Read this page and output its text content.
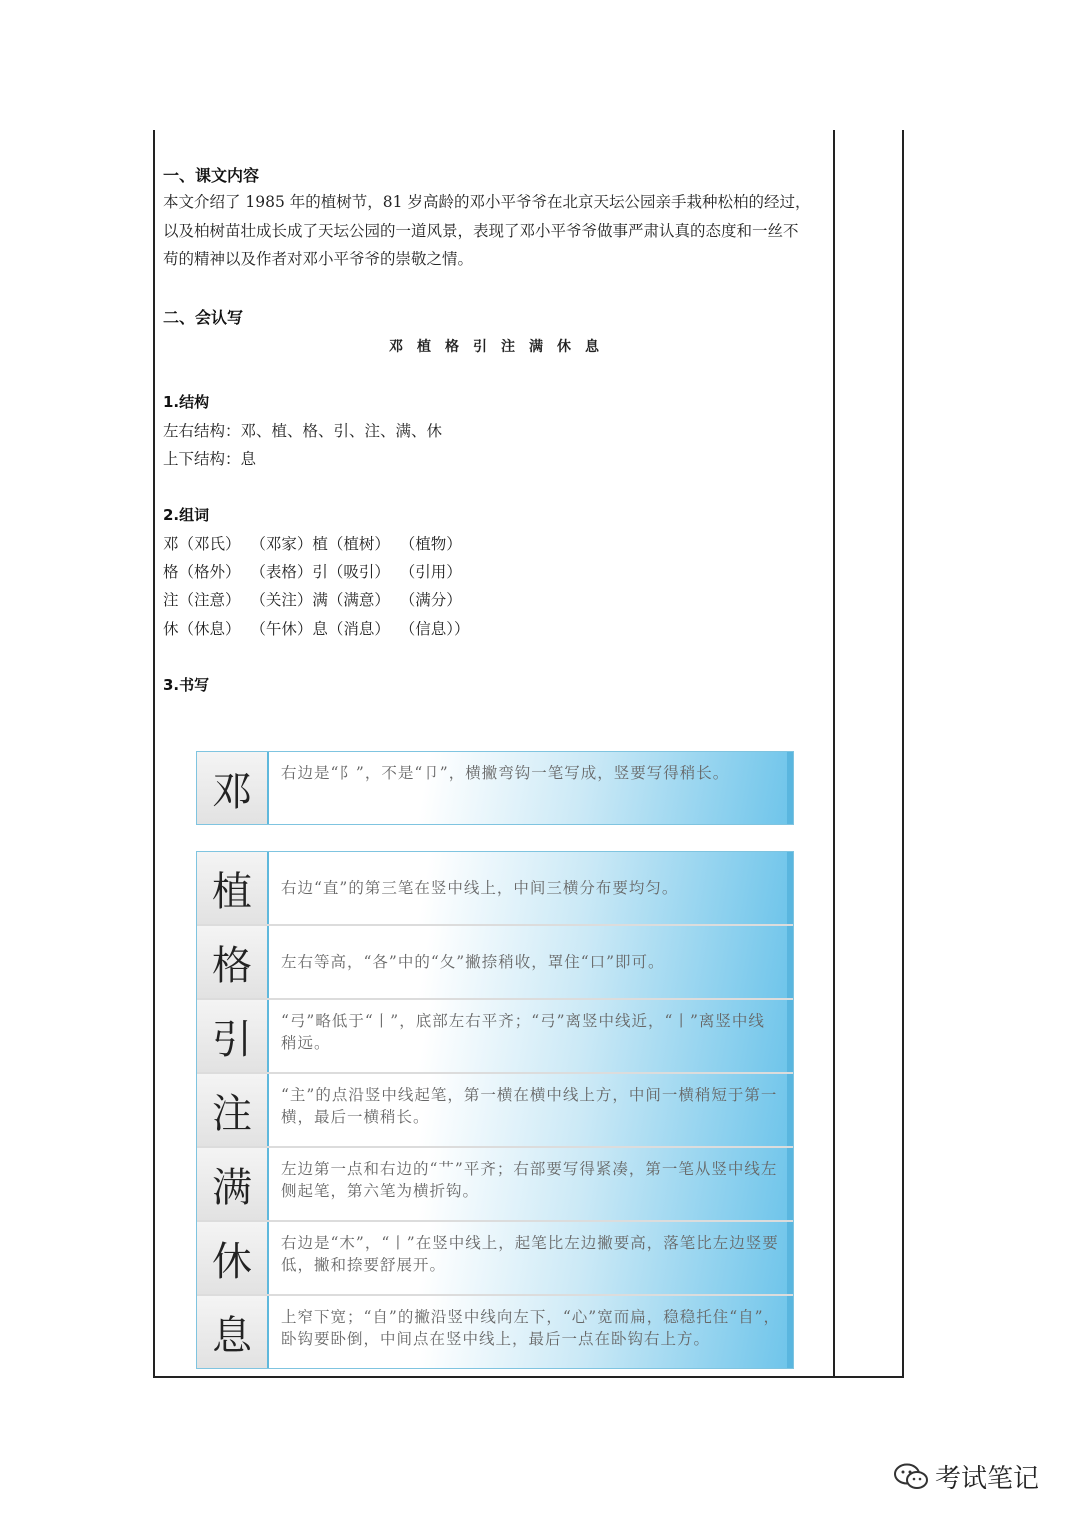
一、课文内容
本文介绍了 1985 年的植树节，81 岁高龄的邓小平爷爷在北京天坛公园亲手栽种松柏的经过，
以及柏树苗壮成长成了天坛公园的一道风景，表现了邓小平爷爷做事严肃认真的态度和一丝不
苟的精神以及作者对邓小平爷爷的崇敬之情。
二、会认写
邓植格引注满休息
1.结构
左右结构：邓、植、格、引、注、满、休
上下结构：息
2.组词
邓（邓氏）  （邓家）植（植树）  （植物）
格（格外）  （表格）引（吸引）  （引用）
注（注意）  （关注）满（满意）  （满分）
休（休息）  （午休）息（消息）  （信息））
3.书写
邓	右边是“阝”，不是“卩”，横撇弯钩一笔写成，竖要写得稍长。
植	右边“直”的第三笔在竖中线上，中间三横分布要均匀。
格	左右等高，“各”中的“夂”撇捺稍收，罩住“口”即可。
引	“弓”略低于“丨”，底部左右平齐；“弓”离竖中线近，“丨”离竖中线稍远。
注	“主”的点沿竖中线起笔，第一横在横中线上方，中间一横稍短于第一横，最后一横稍长。
满	左边第一点和右边的“艹”平齐；右部要写得紧凑，第一笔从竖中线左侧起笔，第六笔为横折钩。
休	右边是“木”，“丨”在竖中线上，起笔比左边撇要高，落笔比左边竖要低，撇和捺要舒展开。
息	上窄下宽；“自”的撇沿竖中线向左下，“心”宽而扁，稳稳托住“自”，卧钩要卧倒，中间点在竖中线上，最后一点在卧钩右上方。
考试笔记
